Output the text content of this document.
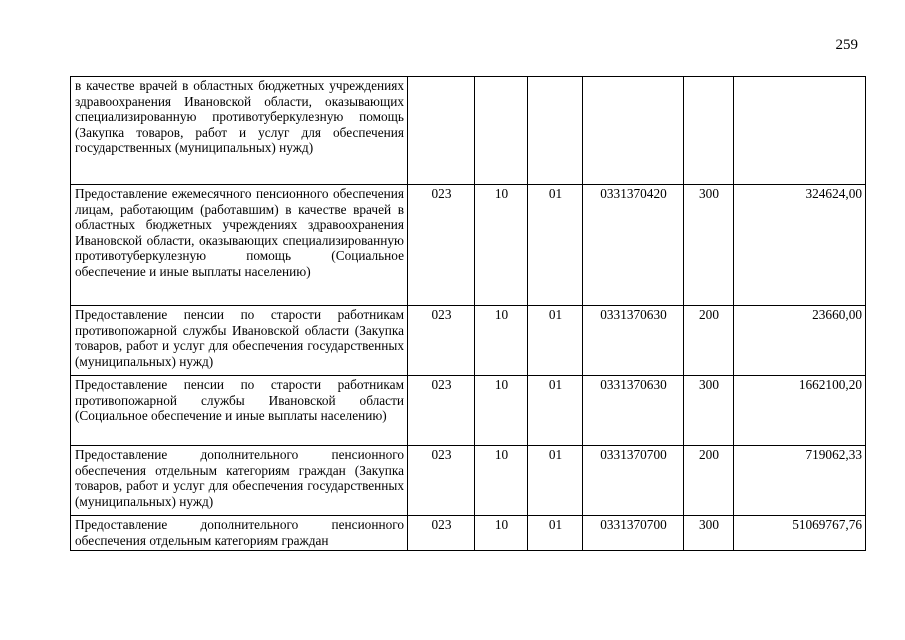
259
в качестве врачей в областных бюджетных учреждениях здравоохранения Ивановской области, оказывающих специализированную противотуберкулезную помощь (Закупка товаров, работ и услуг для обеспечения государственных (муниципальных) нужд)						
Предоставление ежемесячного пенсионного обеспечения лицам, работающим (работавшим) в качестве врачей в областных бюджетных учреждениях здравоохранения Ивановской области, оказывающих специализированную противотуберкулезную помощь (Социальное обеспечение и иные выплаты населению)	023	10	01	0331370420	300	324624,00
Предоставление пенсии по старости работникам противопожарной службы Ивановской области (Закупка товаров, работ и услуг для обеспечения государственных (муниципальных) нужд)	023	10	01	0331370630	200	23660,00
Предоставление пенсии по старости работникам противопожарной службы Ивановской области (Социальное обеспечение и иные выплаты населению)	023	10	01	0331370630	300	1662100,20
Предоставление дополнительного пенсионного обеспечения отдельным категориям граждан (Закупка товаров, работ и услуг для обеспечения государственных (муниципальных) нужд)	023	10	01	0331370700	200	719062,33
Предоставление дополнительного пенсионного обеспечения отдельным категориям граждан	023	10	01	0331370700	300	51069767,76
